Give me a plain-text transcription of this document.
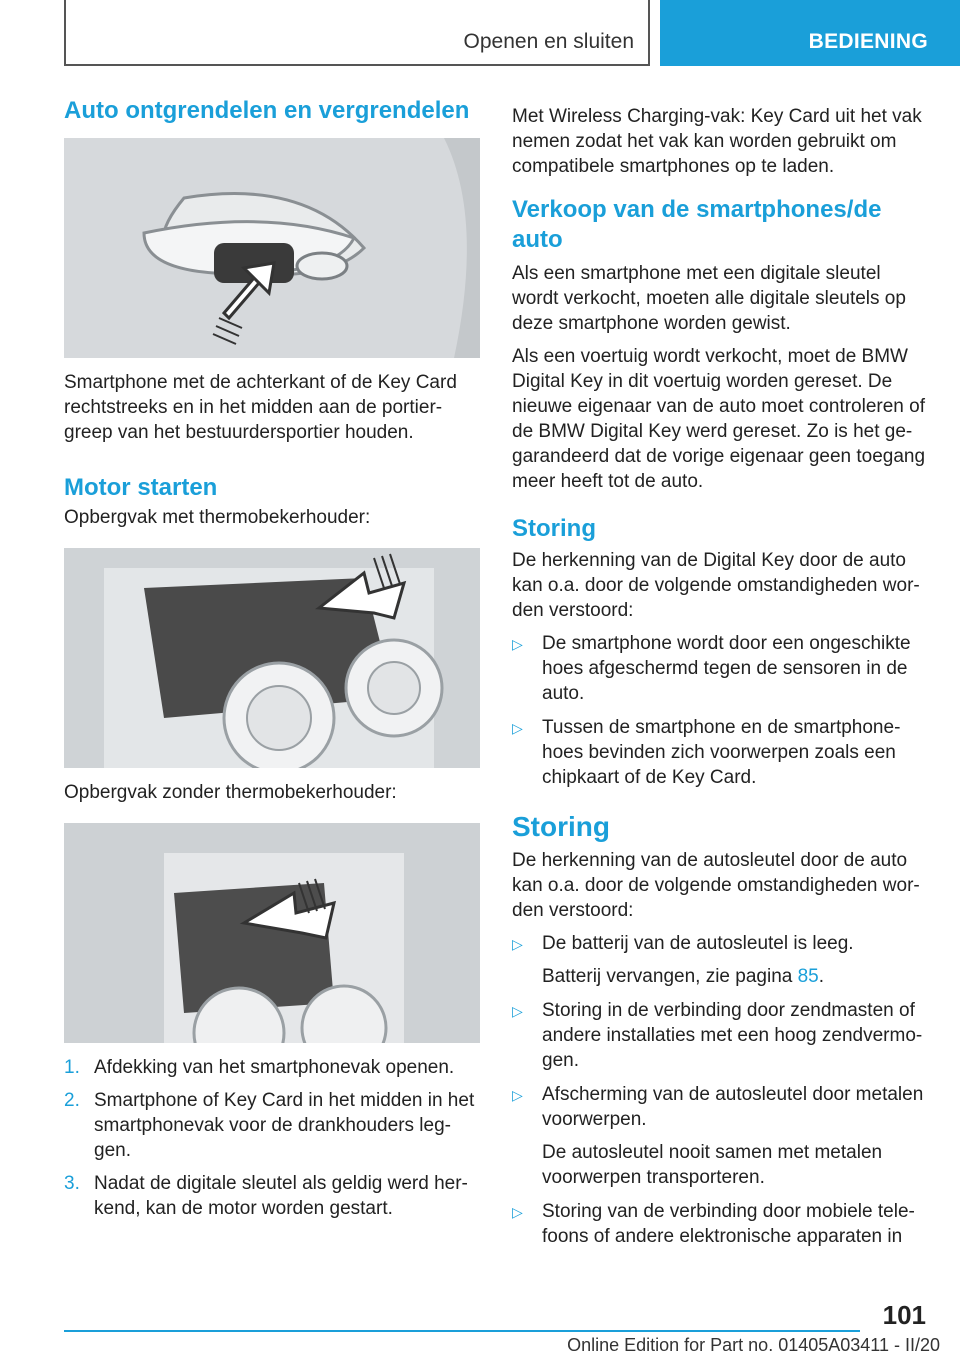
Openen en sluiten	BEDIENING
Auto ontgrendelen en vergrendelen

Smartphone met de achterkant of de Key Card rechtstreeks en in het midden aan de portier-greep van het bestuurdersportier houden.

Motor starten

Opbergvak met thermobekerhouder:

Opbergvak zonder thermobekerhouder:

1. Afdekking van het smartphonevak openen.
2. Smartphone of Key Card in het midden in het smartphonevak voor de drankhouders leg-gen.
3. Nadat de digitale sleutel als geldig werd her-kend, kan de motor worden gestart.

Met Wireless Charging-vak: Key Card uit het vak nemen zodat het vak kan worden gebruikt om compatibele smartphones op te laden.

Verkoop van de smartphones/de auto

Als een smartphone met een digitale sleutel wordt verkocht, moeten alle digitale sleutels op deze smartphone worden gewist.

Als een voertuig wordt verkocht, moet de BMW Digital Key in dit voertuig worden gereset. De nieuwe eigenaar van de auto moet controleren of de BMW Digital Key werd gereset. Zo is het ge-garandeerd dat de vorige eigenaar geen toegang meer heeft tot de auto.

Storing

De herkenning van de Digital Key door de auto kan o.a. door de volgende omstandigheden wor-den verstoord:

▷ De smartphone wordt door een ongeschikte hoes afgeschermd tegen de sensoren in de auto.
▷ Tussen de smartphone en de smartphone-hoes bevinden zich voorwerpen zoals een chipkaart of de Key Card.
Storing

De herkenning van de autosleutel door de auto kan o.a. door de volgende omstandigheden wor-den verstoord:

▷ De batterij van de autosleutel is leeg.
Batterij vervangen, zie pagina 85.
▷ Storing in de verbinding door zendmasten of andere installaties met een hoog zendvermo-gen.
▷ Afscherming van de autosleutel door metalen voorwerpen.
De autosleutel nooit samen met metalen voorwerpen transporteren.
▷ Storing van de verbinding door mobiele tele-foons of andere elektronische apparaten in
101
Online Edition for Part no. 01405A03411 - II/20
